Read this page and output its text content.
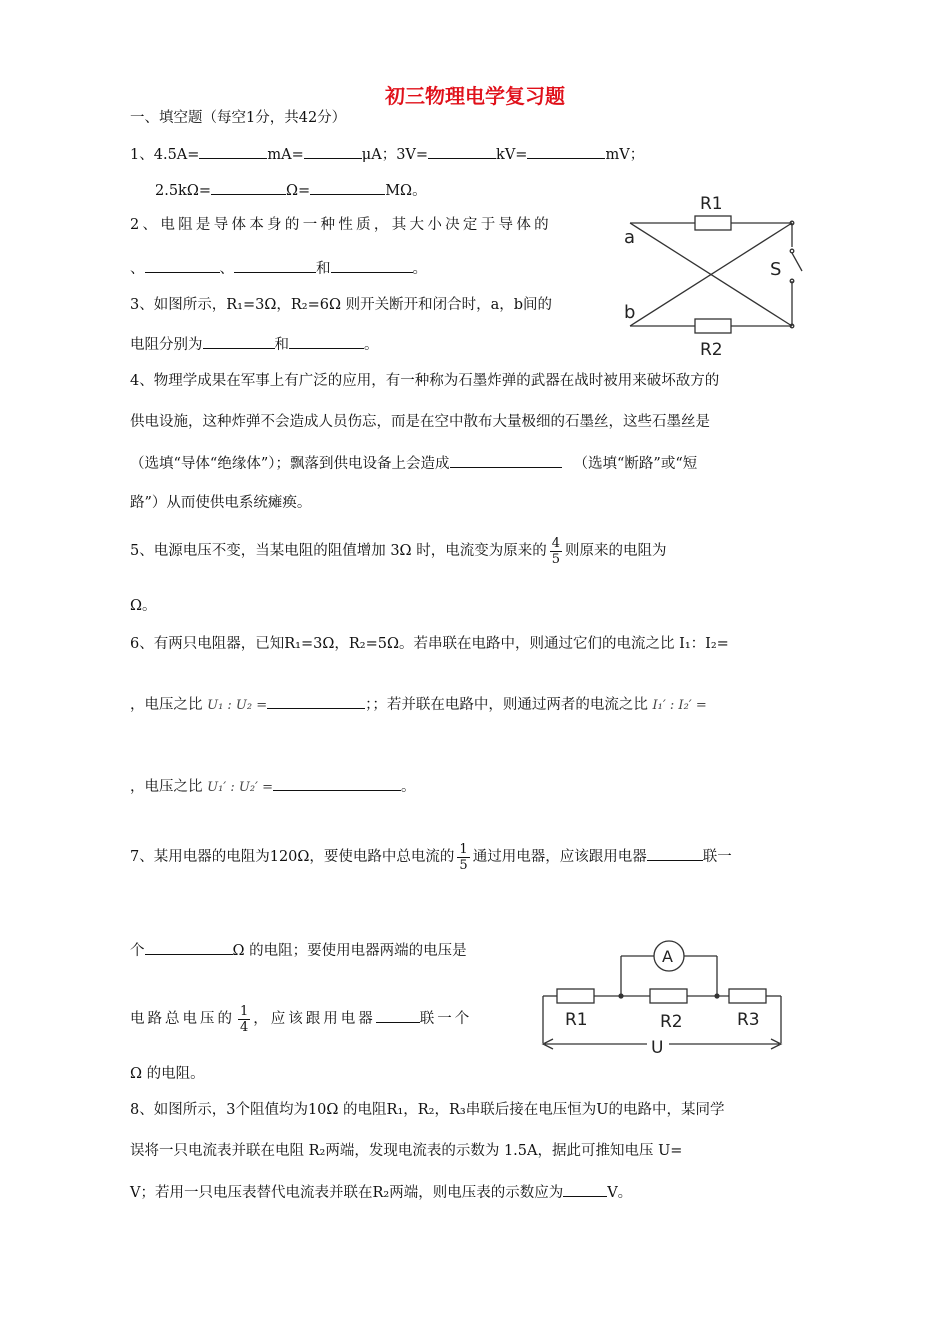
初三物理电学复习题
一、填空题（每空1分，共42分）
1、4.5A=	mA=	μA；3V=	kV=	mV；
2.5kΩ=	Ω=	MΩ。
2、电阻是导体本身的一种性质，其大小决定于导体的
、	、	和	。
3、如图所示，R₁=3Ω，R₂=6Ω 则开关断开和闭合时，a，b间的
电阻分别为	和	。
R1
R2
a
b
S
4、物理学成果在军事上有广泛的应用，有一种称为石墨炸弹的武器在战时被用来破坏敌方的
供电设施，这种炸弹不会造成人员伤忘，而是在空中散布大量极细的石墨丝，这些石墨丝是
（选填“导体“绝缘体”）；飘落到供电设备上会造成	（选填“断路”或“短
路”）从而使供电系统瘫痪。
5、电源电压不变，当某电阻的阻值增加 3Ω 时，电流变为原来的 $\frac{4}{5}$ 则原来的电阻为
Ω。
6、有两只电阻器，已知R₁=3Ω，R₂=5Ω。若串联在电路中，则通过它们的电流之比 I₁：I₂=
，电压之比 U₁ : U₂ =	；；若并联在电路中，则通过两者的电流之比 I₁′ : I₂′ =
，电压之比 U₁′ : U₂′ =	。
7、某用电器的电阻为120Ω，要使电路中总电流的 $\frac{1}{5}$ 通过用电器，应该跟用电器	联一
个	Ω 的电阻；要使用电器两端的电压是
电路总电压的 $\frac{1}{4}$ ，应该跟用电器	联一个
Ω 的电阻。
A
R1	R2	R3
U
8、如图所示，3个阻值均为10Ω 的电阻R₁，R₂，R₃串联后接在电压恒为U的电路中，某同学
误将一只电流表并联在电阻 R₂两端，发现电流表的示数为 1.5A，据此可推知电压 U=
V；若用一只电压表替代电流表并联在R₂两端，则电压表的示数应为	V。
